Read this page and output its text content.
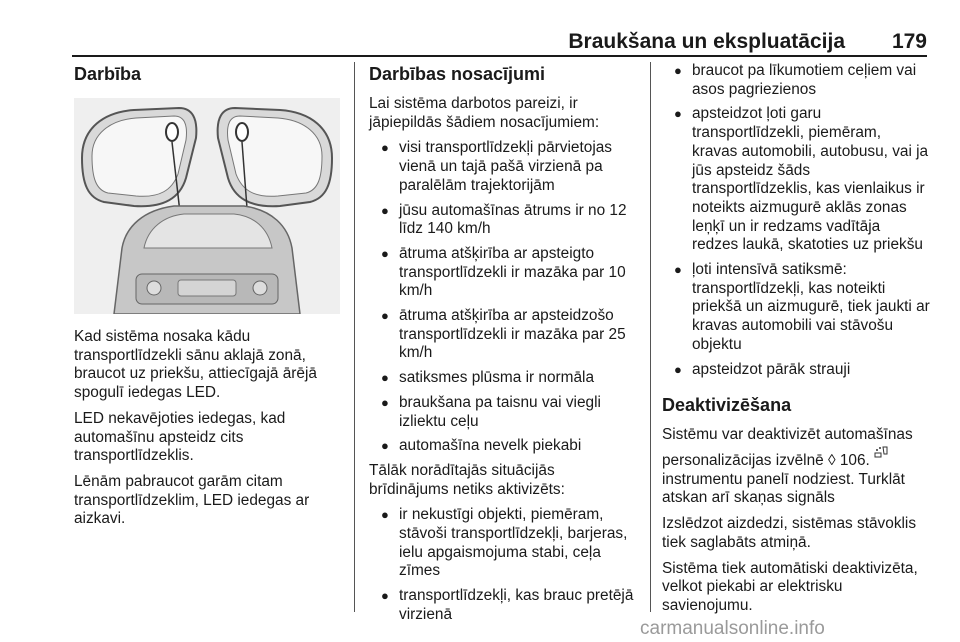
Braukšana un ekspluatācija 179
Darbība

Kad sistēma nosaka kādu transportlīdzekli sānu aklajā zonā, braucot uz priekšu, attiecīgajā ārējā spogulī iedegas LED.

LED nekavējoties iedegas, kad automašīnu apsteidz cits transportlīdzeklis.

Lēnām pabraucot garām citam transportlīdzeklim, LED iedegas ar aizkavi.

Darbības nosacījumi

Lai sistēma darbotos pareizi, ir jāpiepildās šādiem nosacījumiem:

● visi transportlīdzekļi pārvietojas vienā un tajā pašā virzienā pa paralēlām trajektorijām
● jūsu automašīnas ātrums ir no 12 līdz 140 km/h
● ātruma atšķirība ar apsteigto transportlīdzekli ir mazāka par 10 km/h
● ātruma atšķirība ar apsteidzošo transportlīdzekli ir mazāka par 25 km/h
● satiksmes plūsma ir normāla
● braukšana pa taisnu vai viegli izliektu ceļu
● automašīna nevelk piekabi

Tālāk norādītajās situācijās brīdinājums netiks aktivizēts:

● ir nekustīgi objekti, piemēram, stāvoši transportlīdzekļi, barjeras, ielu apgaismojuma stabi, ceļa zīmes
● transportlīdzekļi, kas brauc pretējā virzienā
● braucot pa līkumotiem ceļiem vai asos pagriezienos
● apsteidzot ļoti garu transportlīdzekli, piemēram, kravas automobili, autobusu, vai ja jūs apsteidz šāds transportlīdzeklis, kas vienlaikus ir noteikts aizmugurē aklās zonas leņķī un ir redzams vadītāja redzes laukā, skatoties uz priekšu
● ļoti intensīvā satiksmē: transportlīdzekļi, kas noteikti priekšā un aizmugurē, tiek jaukti ar kravas automobili vai stāvošu objektu
● apsteidzot pārāk strauji
Deaktivizēšana

Sistēmu var deaktivizēt automašīnas personalizācijas izvēlnē ◊ 106.  instrumentu panelī nodziest. Turklāt atskan arī skaņas signāls

Izslēdzot aizdedzi, sistēmas stāvoklis tiek saglabāts atmiņā.

Sistēma tiek automātiski deaktivizēta, velkot piekabi ar elektrisku savienojumu.

carmanualsonline.info
